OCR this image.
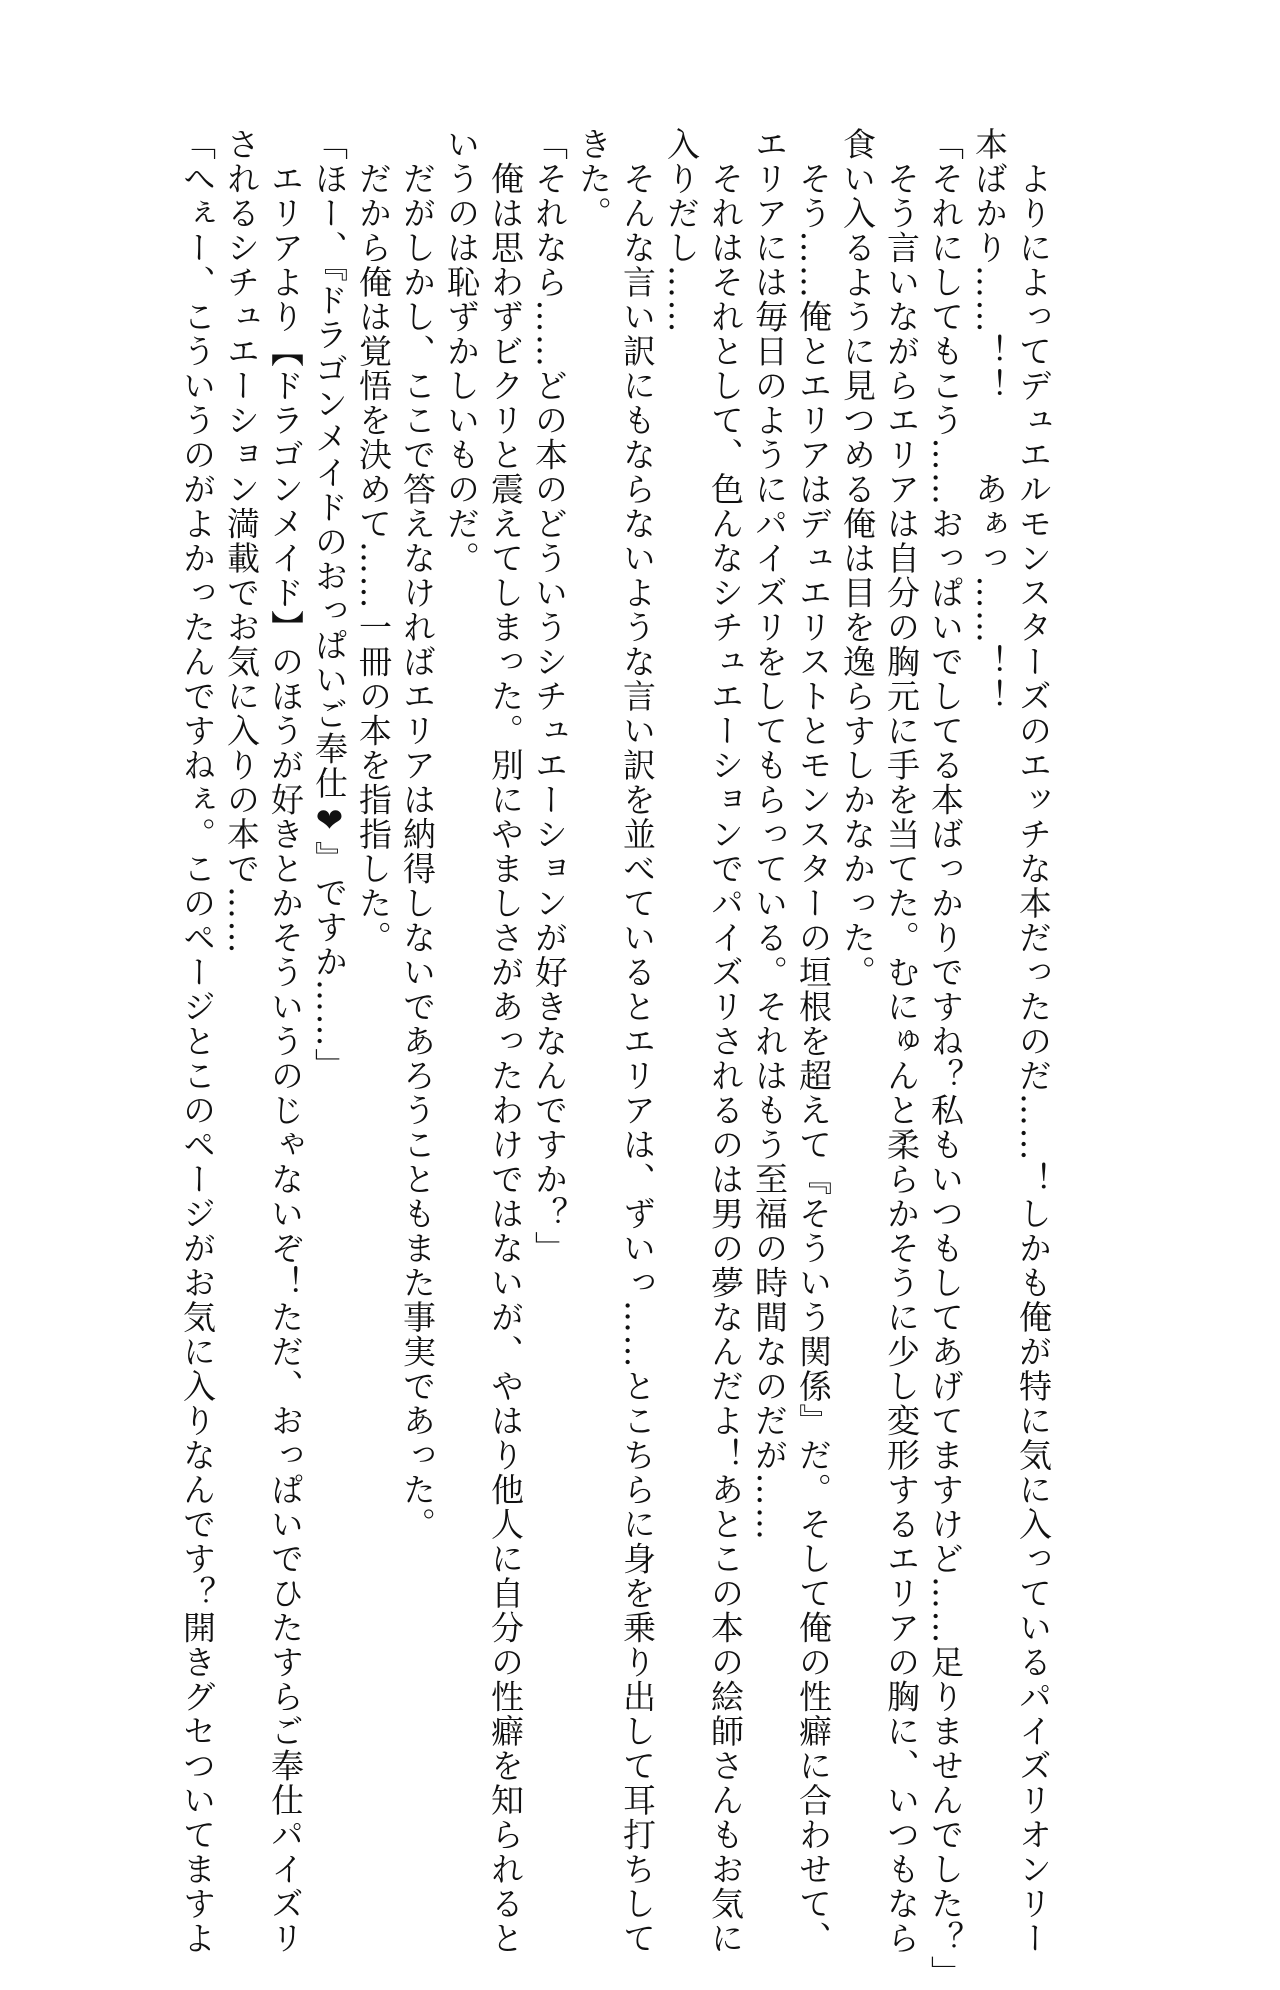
　よりによってデュエルモンスターズのエッチな本だったのだ……！しかも俺が特に気に入っているパイズリオンリー

本ばかり……！！　　あぁっ……！！

「それにしてもこう……おっぱいでしてる本ばっかりですね？私もいつもしてあげてますけど……足りませんでした？」

　そう言いながらエリアは自分の胸元に手を当てた。むにゅんと柔らかそうに少し変形するエリアの胸に、いつもなら

食い入るように見つめる俺は目を逸らすしかなかった。

　そう……俺とエリアはデュエリストとモンスターの垣根を超えて『そういう関係』だ。そして俺の性癖に合わせて、

エリアには毎日のようにパイズリをしてもらっている。それはもう至福の時間なのだが……

　それはそれとして、色んなシチュエーションでパイズリされるのは男の夢なんだよ！あとこの本の絵師さんもお気に

入りだし……

　そんな言い訳にもならないような言い訳を並べているとエリアは、ずいっ……とこちらに身を乗り出して耳打ちして

きた。

「それなら……どの本のどういうシチュエーションが好きなんですか？」

　俺は思わずビクリと震えてしまった。別にやましさがあったわけではないが、やはり他人に自分の性癖を知られると

いうのは恥ずかしいものだ。

　だがしかし、ここで答えなければエリアは納得しないであろうこともまた事実であった。

　だから俺は覚悟を決めて……一冊の本を指指した。

「ほー、『ドラゴンメイドのおっぱいご奉仕❤』ですか……」

　エリアより【ドラゴンメイド】のほうが好きとかそういうのじゃないぞ！ただ、おっぱいでひたすらご奉仕パイズリ

されるシチュエーション満載でお気に入りの本で……

「へぇー、こういうのがよかったんですねぇ。このページとこのページがお気に入りなんです？開きグセついてますよ
